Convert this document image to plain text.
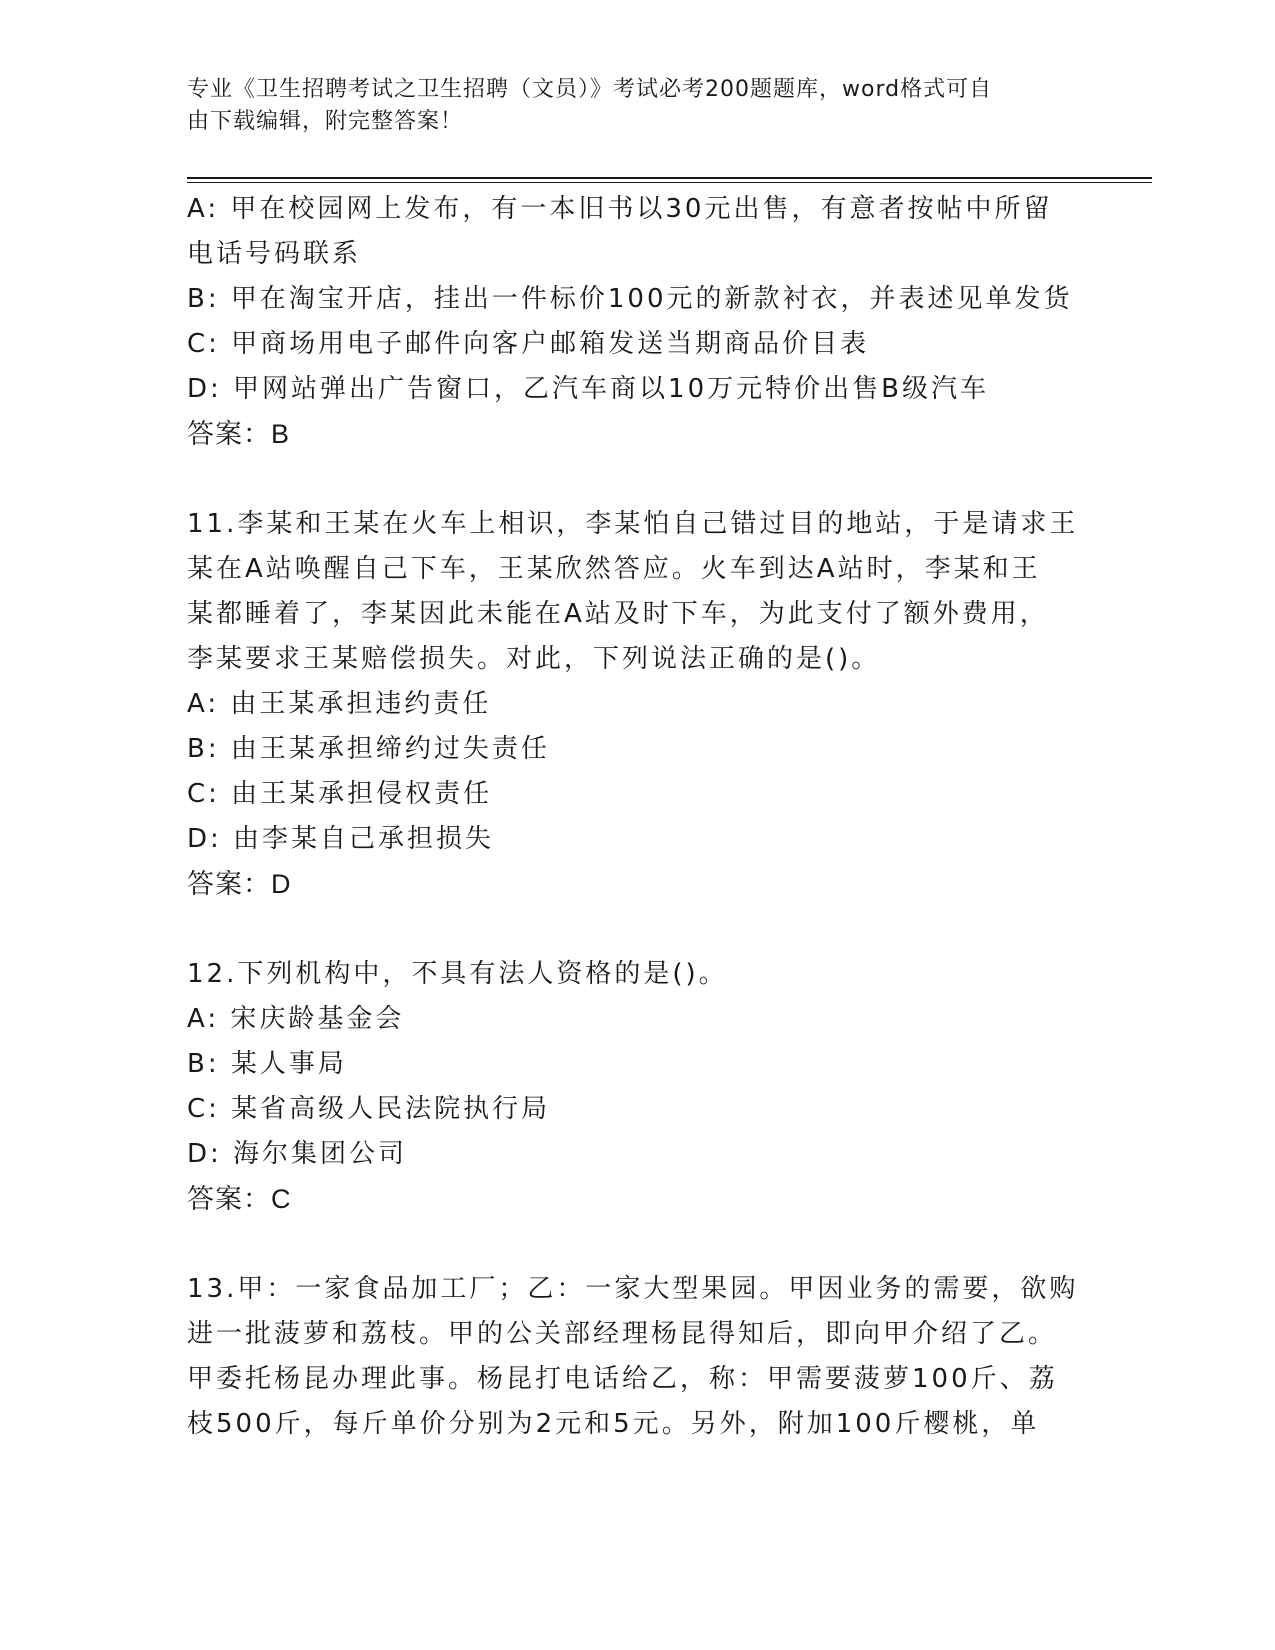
专业《卫生招聘考试之卫生招聘（文员）》考试必考200题题库，word格式可自
由下载编辑，附完整答案！
A: 甲在校园网上发布，有一本旧书以30元出售，有意者按帖中所留
电话号码联系
B: 甲在淘宝开店，挂出一件标价100元的新款衬衣，并表述见单发货
C: 甲商场用电子邮件向客户邮箱发送当期商品价目表
D: 甲网站弹出广告窗口，乙汽车商以10万元特价出售B级汽车
答案：B
11.李某和王某在火车上相识，李某怕自己错过目的地站，于是请求王
某在A站唤醒自己下车，王某欣然答应。火车到达A站时，李某和王
某都睡着了，李某因此未能在A站及时下车，为此支付了额外费用，
李某要求王某赔偿损失。对此，下列说法正确的是()。
A: 由王某承担违约责任
B: 由王某承担缔约过失责任
C: 由王某承担侵权责任
D: 由李某自己承担损失
答案：D
12.下列机构中，不具有法人资格的是()。
A: 宋庆龄基金会
B: 某人事局
C: 某省高级人民法院执行局
D: 海尔集团公司
答案：C
13.甲：一家食品加工厂；乙：一家大型果园。甲因业务的需要，欲购
进一批菠萝和荔枝。甲的公关部经理杨昆得知后，即向甲介绍了乙。
甲委托杨昆办理此事。杨昆打电话给乙，称：甲需要菠萝100斤、荔
枝500斤，每斤单价分别为2元和5元。另外，附加100斤樱桃，单
